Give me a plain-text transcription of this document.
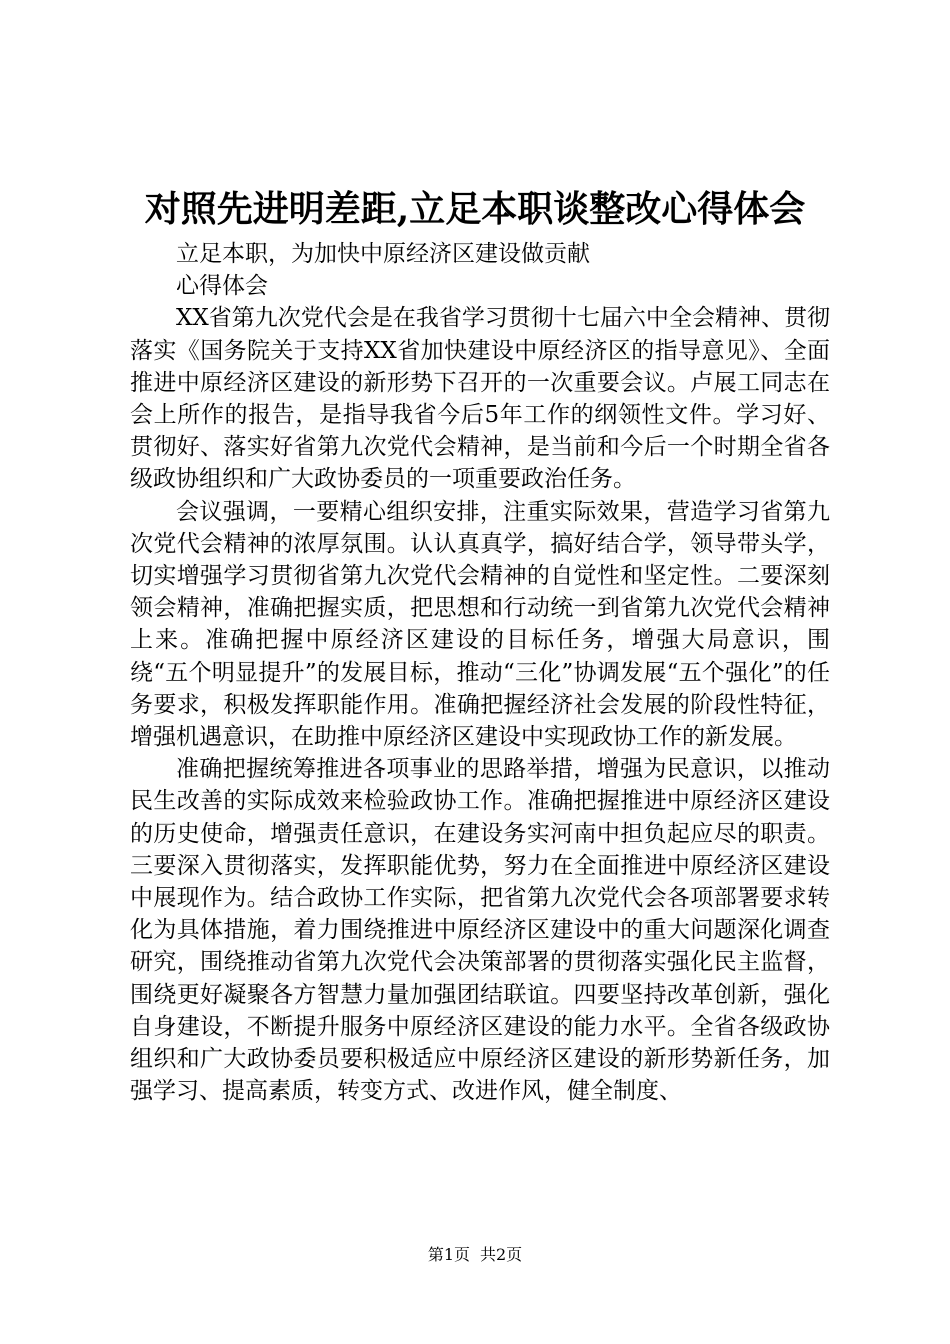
对照先进明差距,立足本职谈整改心得体会

立足本职，为加快中原经济区建设做贡献

心得体会

XX省第九次党代会是在我省学习贯彻十七届六中全会精神、贯彻落实《国务院关于支持XX省加快建设中原经济区的指导意见》、全面推进中原经济区建设的新形势下召开的一次重要会议。卢展工同志在会上所作的报告，是指导我省今后5年工作的纲领性文件。学习好、贯彻好、落实好省第九次党代会精神，是当前和今后一个时期全省各级政协组织和广大政协委员的一项重要政治任务。

会议强调，一要精心组织安排，注重实际效果，营造学习省第九次党代会精神的浓厚氛围。认认真真学，搞好结合学，领导带头学，切实增强学习贯彻省第九次党代会精神的自觉性和坚定性。二要深刻领会精神，准确把握实质，把思想和行动统一到省第九次党代会精神上来。准确把握中原经济区建设的目标任务，增强大局意识，围绕“五个明显提升”的发展目标，推动“三化”协调发展“五个强化”的任务要求，积极发挥职能作用。准确把握经济社会发展的阶段性特征，增强机遇意识，在助推中原经济区建设中实现政协工作的新发展。

准确把握统筹推进各项事业的思路举措，增强为民意识，以推动民生改善的实际成效来检验政协工作。准确把握推进中原经济区建设的历史使命，增强责任意识，在建设务实河南中担负起应尽的职责。三要深入贯彻落实，发挥职能优势，努力在全面推进中原经济区建设中展现作为。结合政协工作实际，把省第九次党代会各项部署要求转化为具体措施，着力围绕推进中原经济区建设中的重大问题深化调查研究，围绕推动省第九次党代会决策部署的贯彻落实强化民主监督，围绕更好凝聚各方智慧力量加强团结联谊。四要坚持改革创新，强化自身建设，不断提升服务中原经济区建设的能力水平。全省各级政协组织和广大政协委员要积极适应中原经济区建设的新形势新任务，加强学习、提高素质，转变方式、改进作风，健全制度、

第1页 共2页
